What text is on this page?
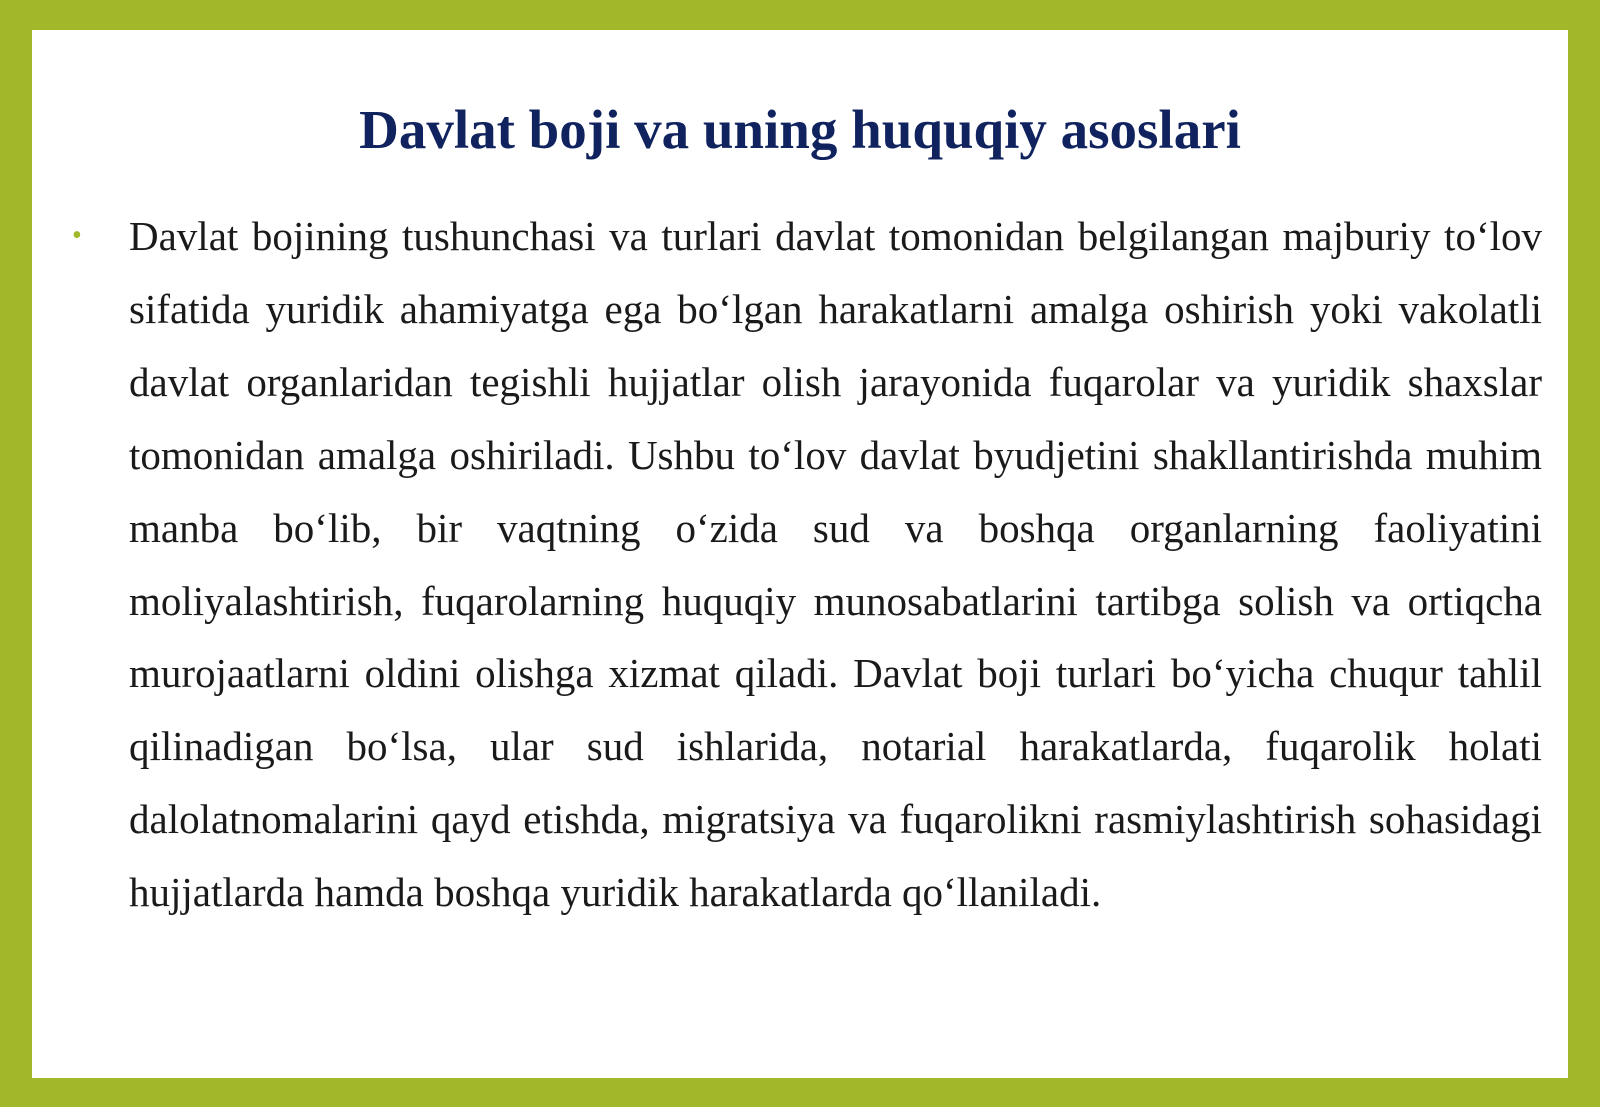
Davlat boji va uning huquqiy asoslari
• Davlat bojining tushunchasi va turlari davlat tomonidan belgilangan majburiy to‘lov sifatida yuridik ahamiyatga ega bo‘lgan harakatlarni amalga oshirish yoki vakolatli davlat organlaridan tegishli hujjatlar olish jarayonida fuqarolar va yuridik shaxslar tomonidan amalga oshiriladi. Ushbu to‘lov davlat byudjetini shakllantirishda muhim manba bo‘lib, bir vaqtning o‘zida sud va boshqa organlarning faoliyatini moliyalashtirish, fuqarolarning huquqiy munosabatlarini tartibga solish va ortiqcha murojaatlarni oldini olishga xizmat qiladi. Davlat boji turlari bo‘yicha chuqur tahlil qilinadigan bo‘lsa, ular sud ishlarida, notarial harakatlarda, fuqarolik holati dalolatnomalarini qayd etishda, migratsiya va fuqarolikni rasmiylashtirish sohasidagi hujjatlarda hamda boshqa yuridik harakatlarda qo‘llaniladi.
